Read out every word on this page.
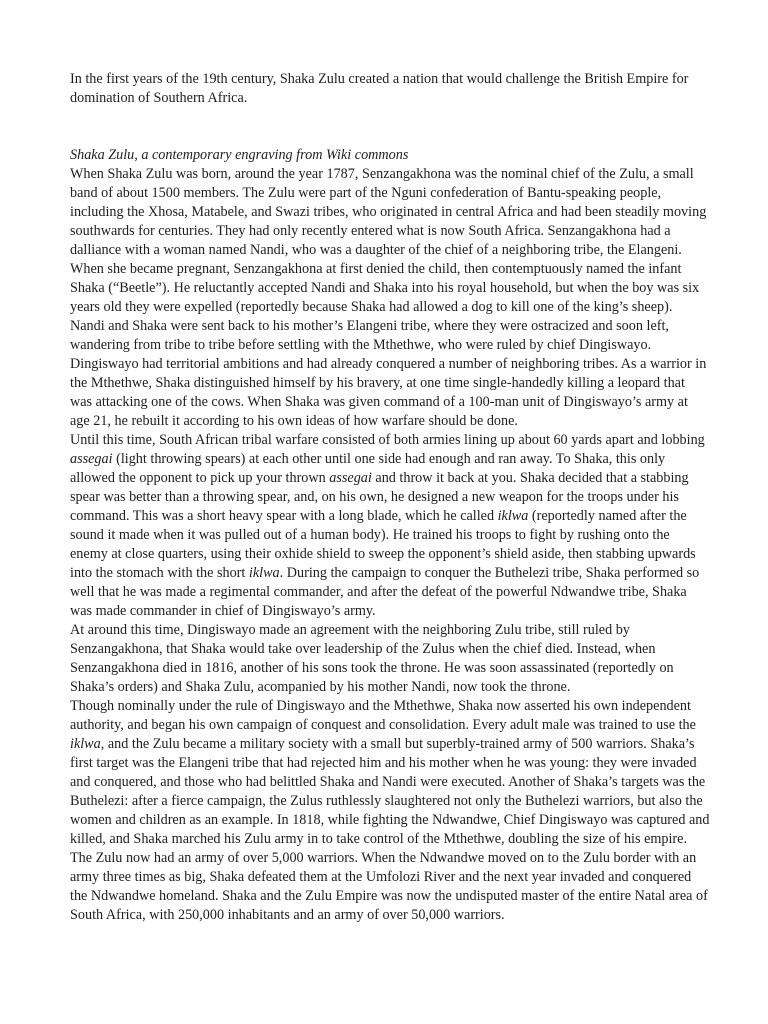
In the first years of the 19th century, Shaka Zulu created a nation that would challenge the British Empire for domination of Southern Africa.

Shaka Zulu, a contemporary engraving from Wiki commons

When Shaka Zulu was born, around the year 1787, Senzangakhona was the nominal chief of the Zulu, a small band of about 1500 members. The Zulu were part of the Nguni confederation of Bantu-speaking people, including the Xhosa, Matabele, and Swazi tribes, who originated in central Africa and had been steadily moving southwards for centuries. They had only recently entered what is now South Africa. Senzangakhona had a dalliance with a woman named Nandi, who was a daughter of the chief of a neighboring tribe, the Elangeni. When she became pregnant, Senzangakhona at first denied the child, then contemptuously named the infant Shaka (“Beetle”). He reluctantly accepted Nandi and Shaka into his royal household, but when the boy was six years old they were expelled (reportedly because Shaka had allowed a dog to kill one of the king’s sheep). Nandi and Shaka were sent back to his mother’s Elangeni tribe, where they were ostracized and soon left, wandering from tribe to tribe before settling with the Mthethwe, who were ruled by chief Dingiswayo.

Dingiswayo had territorial ambitions and had already conquered a number of neighboring tribes. As a warrior in the Mthethwe, Shaka distinguished himself by his bravery, at one time single-handedly killing a leopard that was attacking one of the cows. When Shaka was given command of a 100-man unit of Dingiswayo’s army at age 21, he rebuilt it according to his own ideas of how warfare should be done.

Until this time, South African tribal warfare consisted of both armies lining up about 60 yards apart and lobbing assegai (light throwing spears) at each other until one side had enough and ran away. To Shaka, this only allowed the opponent to pick up your thrown assegai and throw it back at you. Shaka decided that a stabbing spear was better than a throwing spear, and, on his own, he designed a new weapon for the troops under his command. This was a short heavy spear with a long blade, which he called iklwa (reportedly named after the sound it made when it was pulled out of a human body). He trained his troops to fight by rushing onto the enemy at close quarters, using their oxhide shield to sweep the opponent’s shield aside, then stabbing upwards into the stomach with the short iklwa. During the campaign to conquer the Buthelezi tribe, Shaka performed so well that he was made a regimental commander, and after the defeat of the powerful Ndwandwe tribe, Shaka was made commander in chief of Dingiswayo’s army.

At around this time, Dingiswayo made an agreement with the neighboring Zulu tribe, still ruled by Senzangakhona, that Shaka would take over leadership of the Zulus when the chief died. Instead, when Senzangakhona died in 1816, another of his sons took the throne. He was soon assassinated (reportedly on Shaka’s orders) and Shaka Zulu, acompanied by his mother Nandi, now took the throne.

Though nominally under the rule of Dingiswayo and the Mthethwe, Shaka now asserted his own independent authority, and began his own campaign of conquest and consolidation. Every adult male was trained to use the iklwa, and the Zulu became a military society with a small but superbly-trained army of 500 warriors. Shaka’s first target was the Elangeni tribe that had rejected him and his mother when he was young: they were invaded and conquered, and those who had belittled Shaka and Nandi were executed. Another of Shaka’s targets was the Buthelezi: after a fierce campaign, the Zulus ruthlessly slaughtered not only the Buthelezi warriors, but also the women and children as an example. In 1818, while fighting the Ndwandwe, Chief Dingiswayo was captured and killed, and Shaka marched his Zulu army in to take control of the Mthethwe, doubling the size of his empire. The Zulu now had an army of over 5,000 warriors. When the Ndwandwe moved on to the Zulu border with an army three times as big, Shaka defeated them at the Umfolozi River and the next year invaded and conquered the Ndwandwe homeland. Shaka and the Zulu Empire was now the undisputed master of the entire Natal area of South Africa, with 250,000 inhabitants and an army of over 50,000 warriors.
